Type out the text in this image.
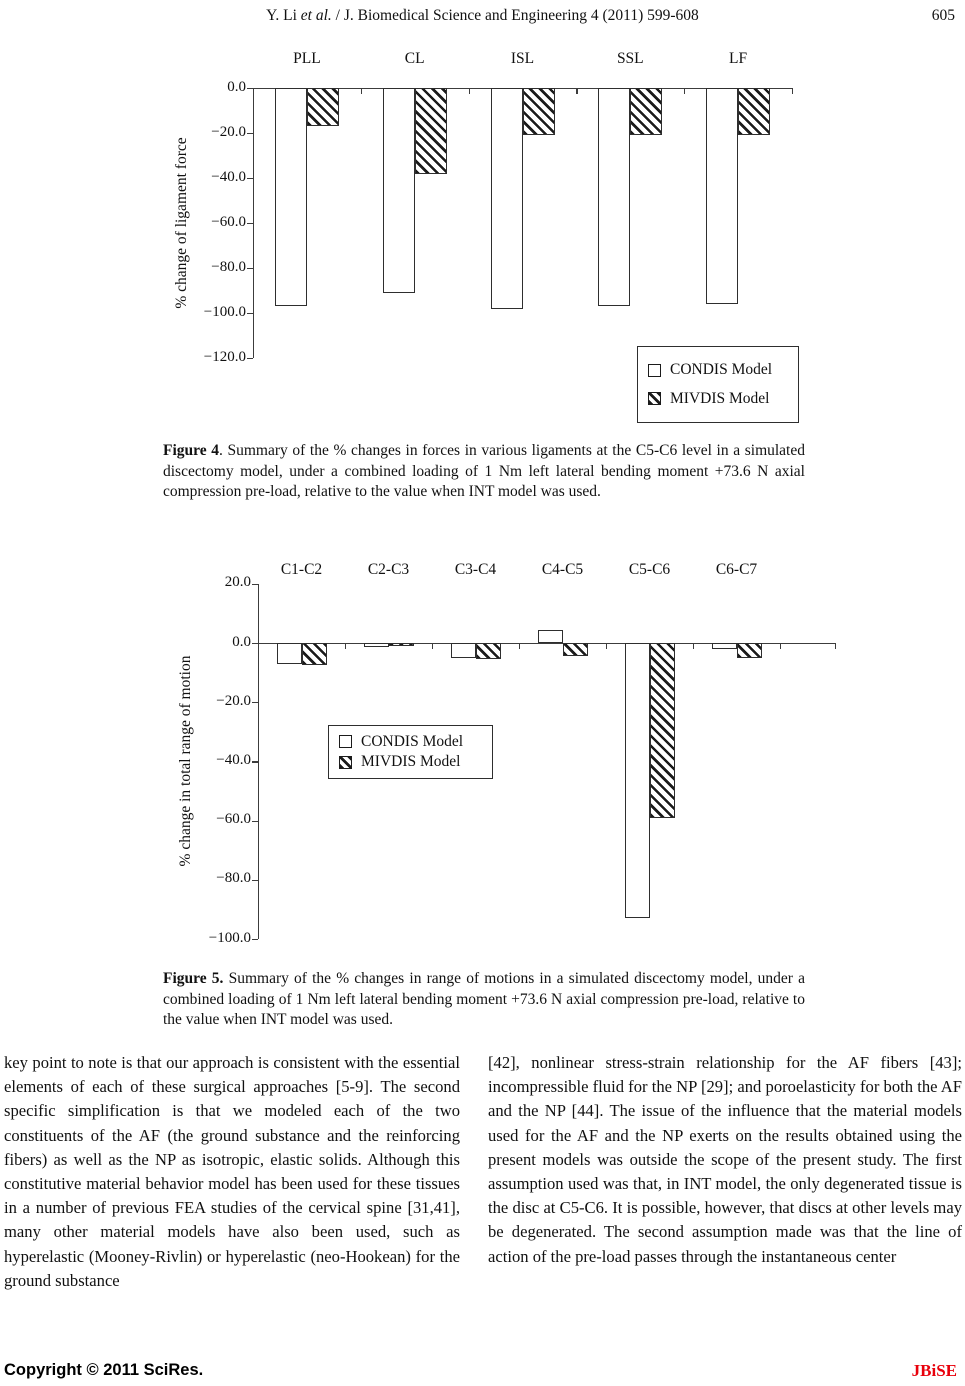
Y. Li et al. / J. Biomedical Science and Engineering 4 (2011) 599-608	605
0.0
−20.0
−40.0
−60.0
−80.0
−100.0
−120.0
PLL	CL	ISL	SSL	LF
% change of ligament force
CONDIS Model
MIVDIS Model
Figure 4. Summary of the % changes in forces in various ligaments at the C5-C6 level in a simulated discectomy model, under a combined loading of 1 Nm left lateral bending moment +73.6 N axial compression pre-load, relative to the value when INT model was used.
20.0
0.0
−20.0
−40.0
−60.0
−80.0
−100.0
C1-C2	C2-C3	C3-C4	C4-C5	C5-C6	C6-C7
% change in total range of motion	CONDIS Model
MIVDIS Model
Figure 5. Summary of the % changes in range of motions in a simulated discectomy model, under a combined loading of 1 Nm left lateral bending moment +73.6 N axial compression pre-load, relative to the value when INT model was used.
key point to note is that our approach is consistent with the essential elements of each of these surgical approaches [5-9]. The second specific simplification is that we modeled each of the two constituents of the AF (the ground substance and the reinforcing fibers) as well as the NP as isotropic, elastic solids. Although this constitutive material behavior model has been used for these tissues in a number of previous FEA studies of the cervical spine [31,41], many other material models have also been used, such as hyperelastic (Mooney-Rivlin) or hyperelastic (neo-Hookean) for the ground substance
[42], nonlinear stress-strain relationship for the AF fibers [43]; incompressible fluid for the NP [29]; and poroelasticity for both the AF and the NP [44]. The issue of the influence that the material models used for the AF and the NP exerts on the results obtained using the present models was outside the scope of the present study. The first assumption used was that, in INT model, the only degenerated tissue is the disc at C5-C6. It is possible, however, that discs at other levels may be degenerated. The second assumption made was that the line of action of the pre-load passes through the instantaneous center
Copyright © 2011 SciRes.	JBiSE
